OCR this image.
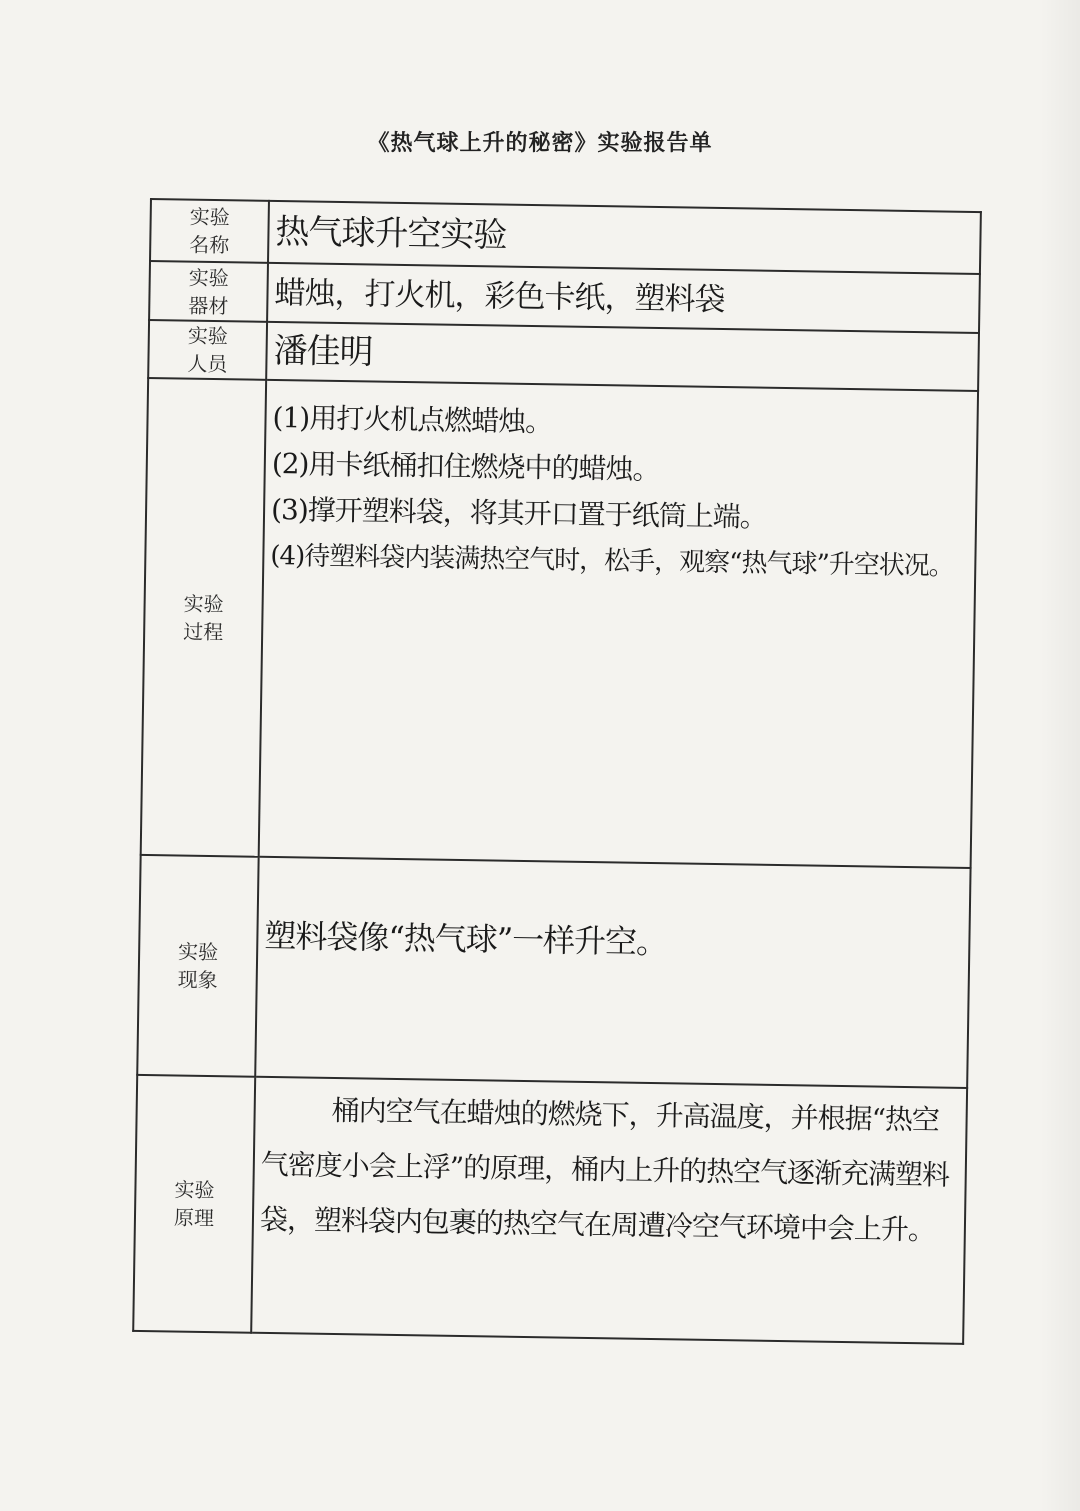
《热气球上升的秘密》实验报告单
实验
名称	热气球升空实验

实验
器材	蜡烛，打火机，彩色卡纸，塑料袋

实验
人员	潘佳明

实验
过程	(1)用打火机点燃蜡烛。
(2)用卡纸桶扣住燃烧中的蜡烛。
(3)撑开塑料袋，将其开口置于纸筒上端。
(4)待塑料袋内装满热空气时，松手，观察“热气球”升空状况。

实验
现象	塑料袋像“热气球”一样升空。

实验
原理	桶内空气在蜡烛的燃烧下，升高温度，并根据“热空气密度小会上浮”的原理，桶内上升的热空气逐渐充满塑料袋，塑料袋内包裹的热空气在周遭冷空气环境中会上升。
